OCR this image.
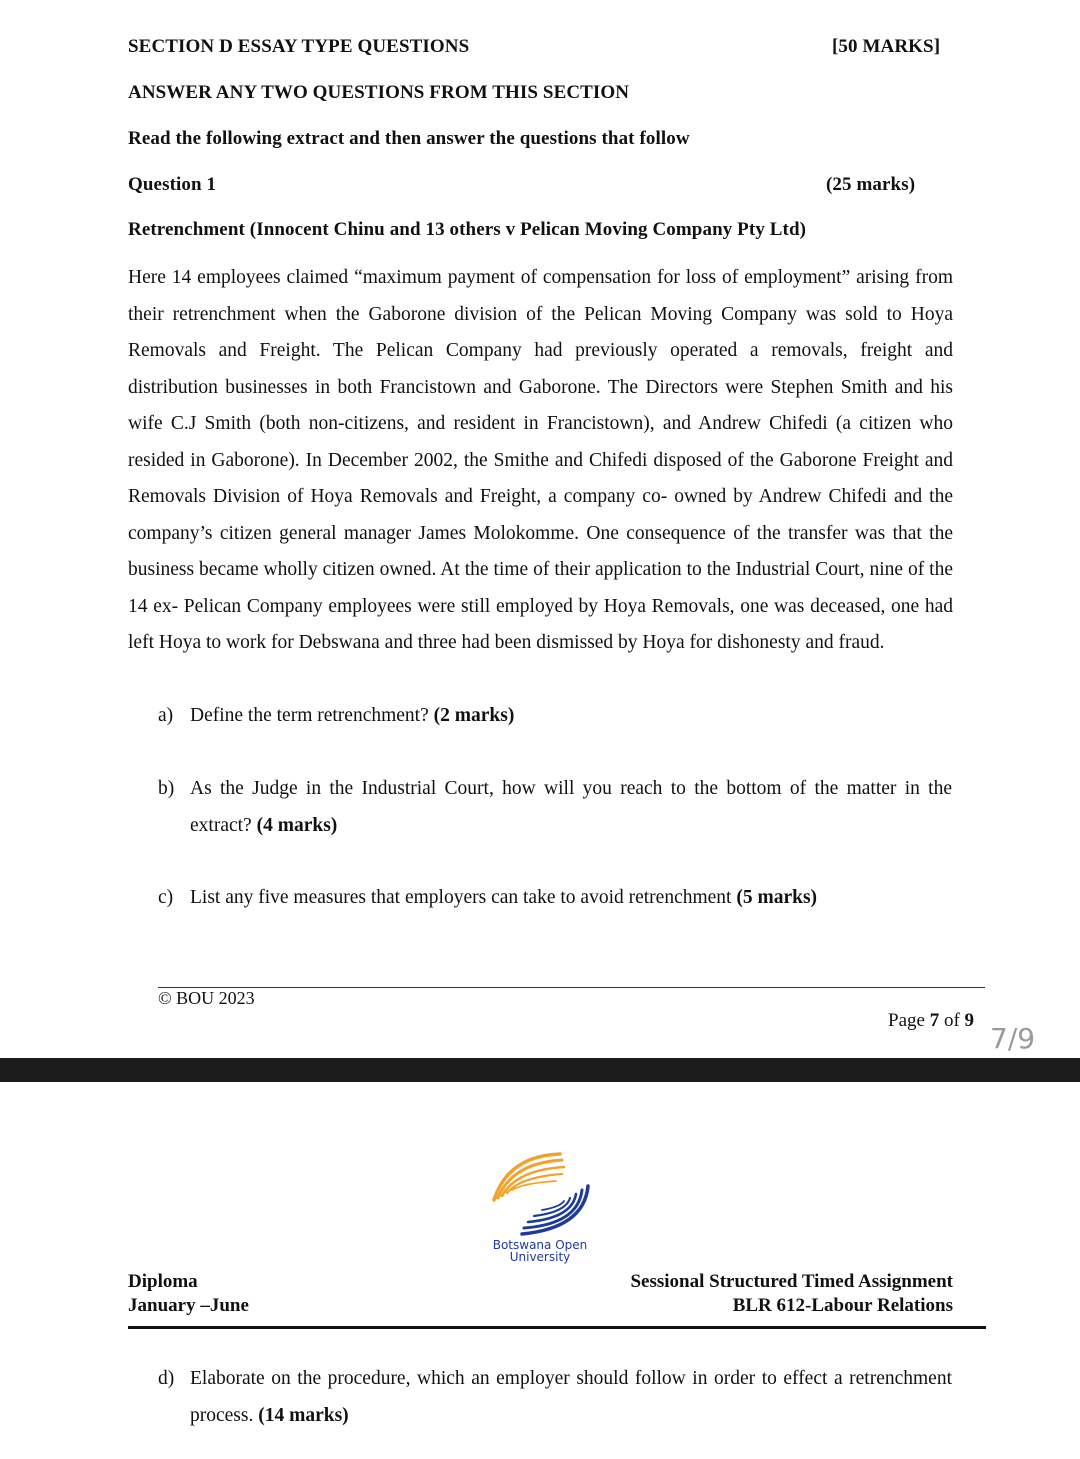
SECTION D ESSAY TYPE QUESTIONS	[50 MARKS]
ANSWER ANY TWO QUESTIONS FROM THIS SECTION
Read the following extract and then answer the questions that follow
Question 1	(25 marks)
Retrenchment (Innocent Chinu and 13 others v Pelican Moving Company Pty Ltd)
Here 14 employees claimed “maximum payment of compensation for loss of employment” arising from their retrenchment when the Gaborone division of the Pelican Moving Company was sold to Hoya Removals and Freight. The Pelican Company had previously operated a removals, freight and distribution businesses in both Francistown and Gaborone. The Directors were Stephen Smith and his wife C.J Smith (both non-citizens, and resident in Francistown), and Andrew Chifedi (a citizen who resided in Gaborone). In December 2002, the Smithe and Chifedi disposed of the Gaborone Freight and Removals Division of Hoya Removals and Freight, a company co- owned by Andrew Chifedi and the company’s citizen general manager James Molokomme. One consequence of the transfer was that the business became wholly citizen owned. At the time of their application to the Industrial Court, nine of the 14 ex- Pelican Company employees were still employed by Hoya Removals, one was deceased, one had left Hoya to work for Debswana and three had been dismissed by Hoya for dishonesty and fraud.
a) Define the term retrenchment? (2 marks)
b) As the Judge in the Industrial Court, how will you reach to the bottom of the matter in the extract? (4 marks)
c) List any five measures that employers can take to avoid retrenchment (5 marks)
© BOU 2023
Page 7 of 9
7/9
Botswana Open
University
Diploma
January –June
Sessional Structured Timed Assignment
BLR 612-Labour Relations
d) Elaborate on the procedure, which an employer should follow in order to effect a retrenchment process. (14 marks)
